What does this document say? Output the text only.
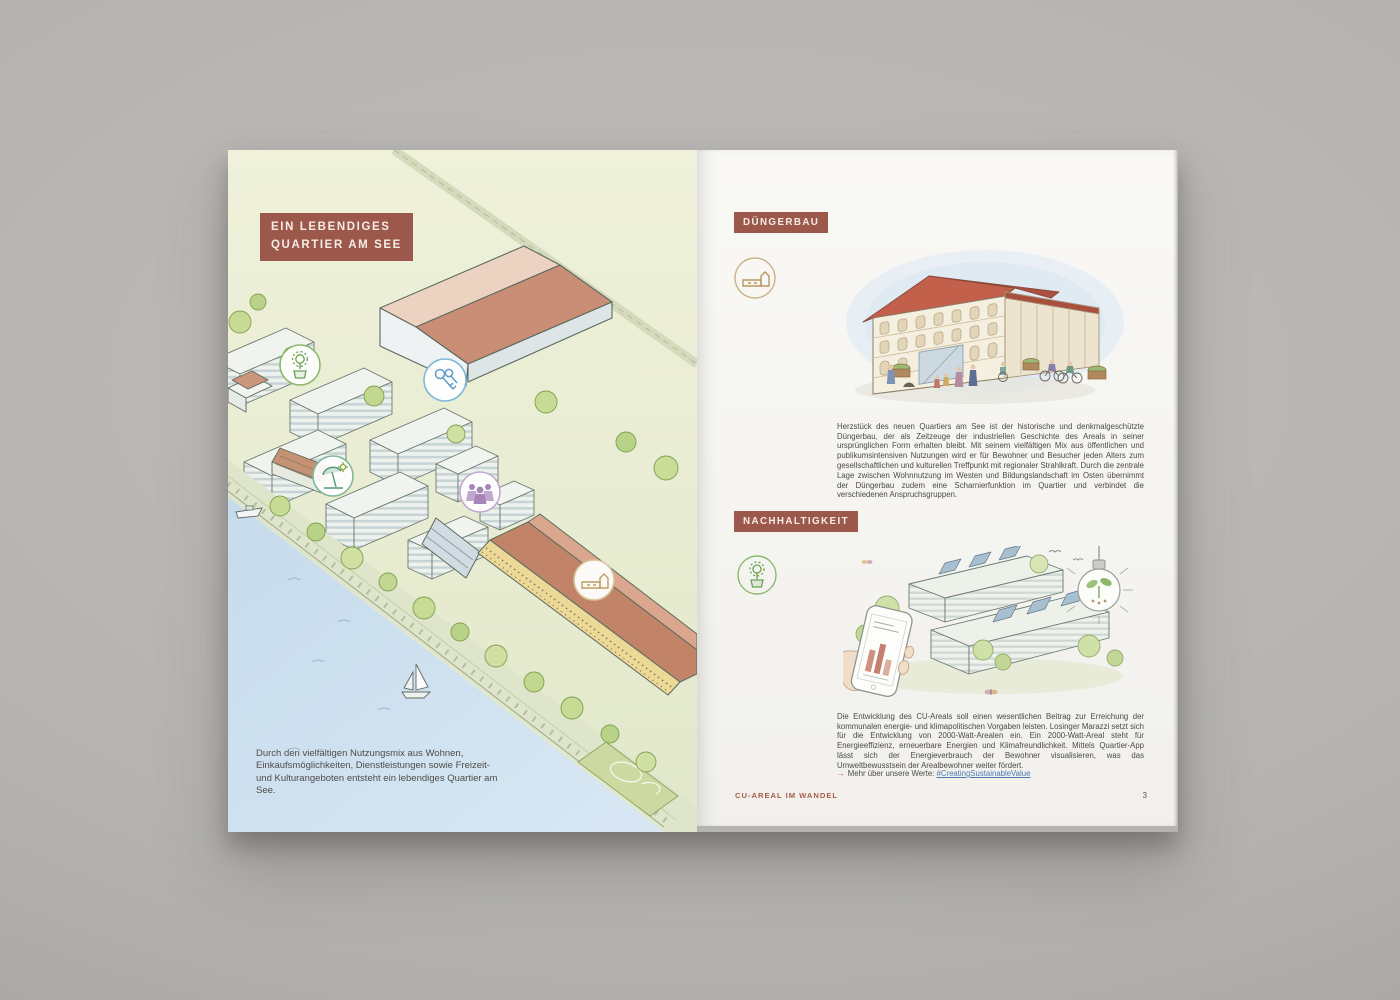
EIN LEBENDIGES
QUARTIER AM SEE

Durch den vielfältigen Nutzungsmix aus Wohnen, Einkaufsmöglichkeiten, Dienstleistungen sowie Freizeit- und Kulturangeboten entsteht ein lebendiges Quartier am See.

DÜNGERBAU

Herzstück des neuen Quartiers am See ist der historische und denkmalgeschützte Düngerbau, der als Zeitzeuge der industriellen Geschichte des Areals in seiner ursprünglichen Form erhalten bleibt. Mit seinem vielfältigen Mix aus öffentlichen und publikumsintensiven Nutzungen wird er für Bewohner und Besucher jeden Alters zum gesellschaftlichen und kulturellen Treffpunkt mit regionaler Strahlkraft. Durch die zentrale Lage zwischen Wohnnutzung im Westen und Bildungslandschaft im Osten übernimmt der Düngerbau zudem eine Scharnierfunktion im Quartier und verbindet die verschiedenen Anspruchsgruppen.

NACHHALTIGKEIT

Die Entwicklung des CU-Areals soll einen wesentlichen Beitrag zur Erreichung der kommunalen energie- und klimapolitischen Vorgaben leisten. Losinger Marazzi setzt sich für die Entwicklung von 2000-Watt-Arealen ein. Ein 2000-Watt-Areal steht für Energieeffizienz, erneuerbare Energien und Klimafreundlichkeit. Mittels Quartier-App lässt sich der Energieverbrauch der Bewohner visualisieren, was das Umweltbewusstsein der Arealbewohner weiter fördert.

→ Mehr über unsere Werte: #CreatingSustainableValue
CU-AREAL IM WANDEL	3
